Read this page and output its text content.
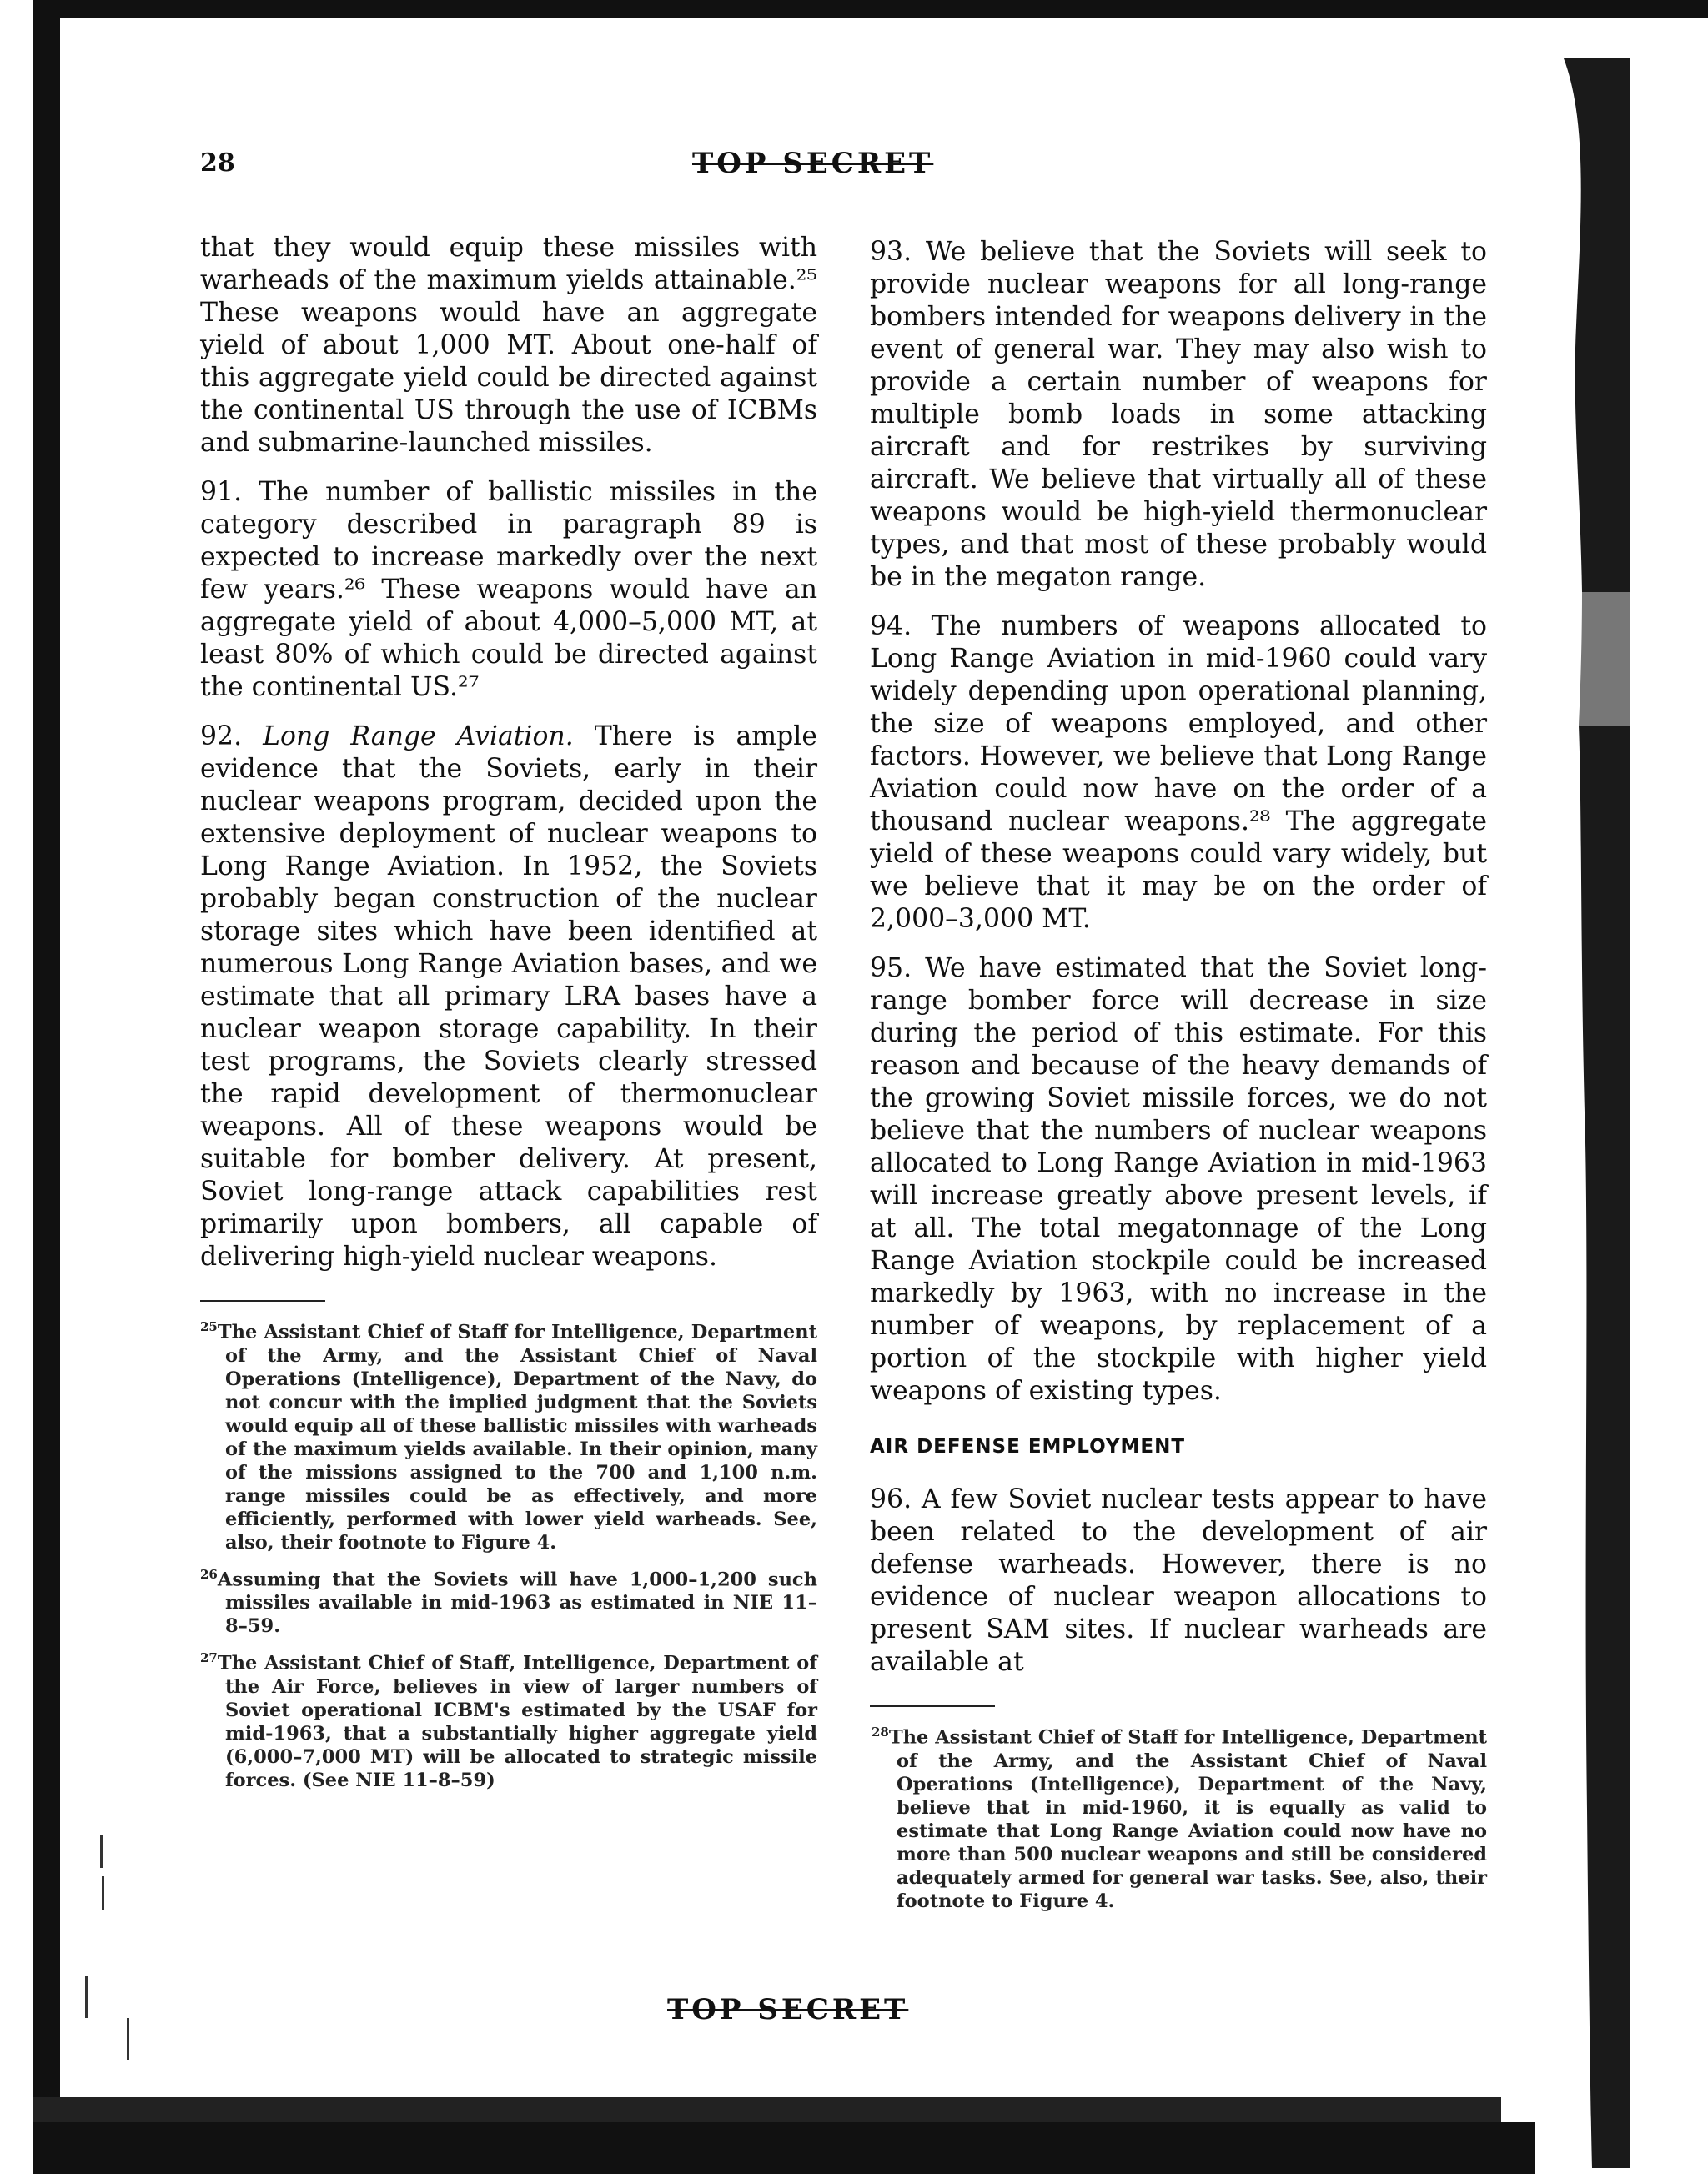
28	TOP SECRET

that they would equip these missiles with warheads of the maximum yields attainable.²⁵ These weapons would have an aggregate yield of about 1,000 MT. About one-half of this aggregate yield could be directed against the continental US through the use of ICBMs and submarine-launched missiles.

91. The number of ballistic missiles in the category described in paragraph 89 is expected to increase markedly over the next few years.²⁶ These weapons would have an aggregate yield of about 4,000–5,000 MT, at least 80% of which could be directed against the continental US.²⁷

92. Long Range Aviation. There is ample evidence that the Soviets, early in their nuclear weapons program, decided upon the extensive deployment of nuclear weapons to Long Range Aviation. In 1952, the Soviets probably began construction of the nuclear storage sites which have been identified at numerous Long Range Aviation bases, and we estimate that all primary LRA bases have a nuclear weapon storage capability. In their test programs, the Soviets clearly stressed the rapid development of thermonuclear weapons. All of these weapons would be suitable for bomber delivery. At present, Soviet long-range attack capabilities rest primarily upon bombers, all capable of delivering high-yield nuclear weapons.

$^{25}$The Assistant Chief of Staff for Intelligence, Department of the Army, and the Assistant Chief of Naval Operations (Intelligence), Department of the Navy, do not concur with the implied judgment that the Soviets would equip all of these ballistic missiles with warheads of the maximum yields available. In their opinion, many of the missions assigned to the 700 and 1,100 n.m. range missiles could be as effectively, and more efficiently, performed with lower yield warheads. See, also, their footnote to Figure 4.
$^{26}$Assuming that the Soviets will have 1,000–1,200 such missiles available in mid-1963 as estimated in NIE 11–8–59.
$^{27}$The Assistant Chief of Staff, Intelligence, Department of the Air Force, believes in view of larger numbers of Soviet operational ICBM's estimated by the USAF for mid-1963, that a substantially higher aggregate yield (6,000–7,000 MT) will be allocated to strategic missile forces. (See NIE 11–8–59)

93. We believe that the Soviets will seek to provide nuclear weapons for all long-range bombers intended for weapons delivery in the event of general war. They may also wish to provide a certain number of weapons for multiple bomb loads in some attacking aircraft and for restrikes by surviving aircraft. We believe that virtually all of these weapons would be high-yield thermonuclear types, and that most of these probably would be in the megaton range.

94. The numbers of weapons allocated to Long Range Aviation in mid-1960 could vary widely depending upon operational planning, the size of weapons employed, and other factors. However, we believe that Long Range Aviation could now have on the order of a thousand nuclear weapons.²⁸ The aggregate yield of these weapons could vary widely, but we believe that it may be on the order of 2,000–3,000 MT.

95. We have estimated that the Soviet long-range bomber force will decrease in size during the period of this estimate. For this reason and because of the heavy demands of the growing Soviet missile forces, we do not believe that the numbers of nuclear weapons allocated to Long Range Aviation in mid-1963 will increase greatly above present levels, if at all. The total megatonnage of the Long Range Aviation stockpile could be increased markedly by 1963, with no increase in the number of weapons, by replacement of a portion of the stockpile with higher yield weapons of existing types.

AIR DEFENSE EMPLOYMENT

96. A few Soviet nuclear tests appear to have been related to the development of air defense warheads. However, there is no evidence of nuclear weapon allocations to present SAM sites. If nuclear warheads are available at

$^{28}$The Assistant Chief of Staff for Intelligence, Department of the Army, and the Assistant Chief of Naval Operations (Intelligence), Department of the Navy, believe that in mid-1960, it is equally as valid to estimate that Long Range Aviation could now have no more than 500 nuclear weapons and still be considered adequately armed for general war tasks. See, also, their footnote to Figure 4.
TOP SECRET
